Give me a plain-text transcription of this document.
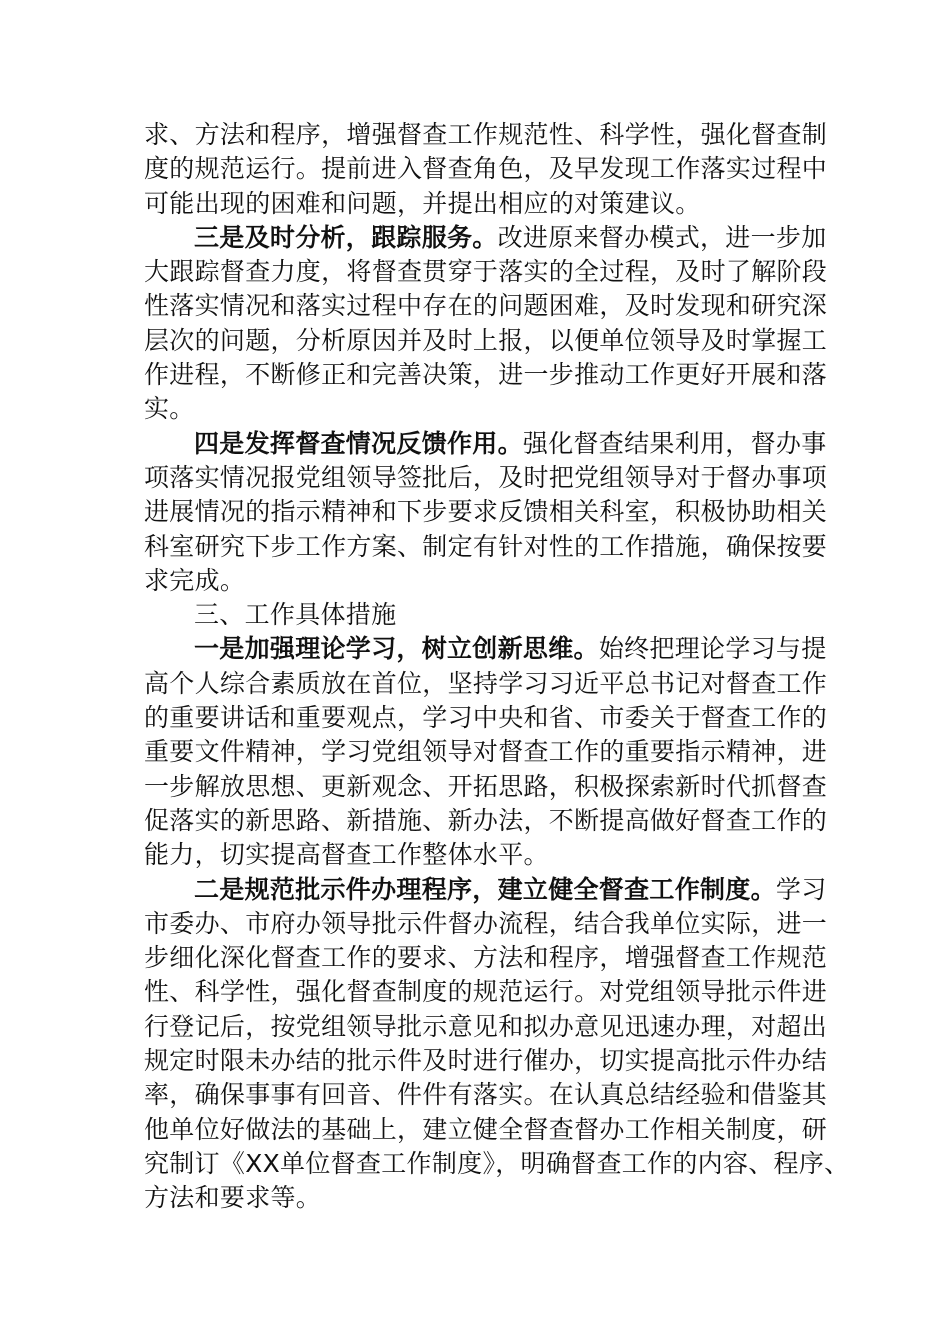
求、方法和程序，增强督查工作规范性、科学性，强化督查制
度的规范运行。提前进入督查角色，及早发现工作落实过程中
可能出现的困难和问题，并提出相应的对策建议。
三是及时分析，跟踪服务。改进原来督办模式，进一步加
大跟踪督查力度，将督查贯穿于落实的全过程，及时了解阶段
性落实情况和落实过程中存在的问题困难，及时发现和研究深
层次的问题，分析原因并及时上报，以便单位领导及时掌握工
作进程，不断修正和完善决策，进一步推动工作更好开展和落
实。
四是发挥督查情况反馈作用。强化督查结果利用，督办事
项落实情况报党组领导签批后，及时把党组领导对于督办事项
进展情况的指示精神和下步要求反馈相关科室，积极协助相关
科室研究下步工作方案、制定有针对性的工作措施，确保按要
求完成。
三、工作具体措施
一是加强理论学习，树立创新思维。始终把理论学习与提
高个人综合素质放在首位，坚持学习习近平总书记对督查工作
的重要讲话和重要观点，学习中央和省、市委关于督查工作的
重要文件精神，学习党组领导对督查工作的重要指示精神，进
一步解放思想、更新观念、开拓思路，积极探索新时代抓督查
促落实的新思路、新措施、新办法，不断提高做好督查工作的
能力，切实提高督查工作整体水平。
二是规范批示件办理程序，建立健全督查工作制度。学习
市委办、市府办领导批示件督办流程，结合我单位实际，进一
步细化深化督查工作的要求、方法和程序，增强督查工作规范
性、科学性，强化督查制度的规范运行。对党组领导批示件进
行登记后，按党组领导批示意见和拟办意见迅速办理，对超出
规定时限未办结的批示件及时进行催办，切实提高批示件办结
率，确保事事有回音、件件有落实。在认真总结经验和借鉴其
他单位好做法的基础上，建立健全督查督办工作相关制度，研
究制订《XX单位督查工作制度》，明确督查工作的内容、程序、
方法和要求等。
